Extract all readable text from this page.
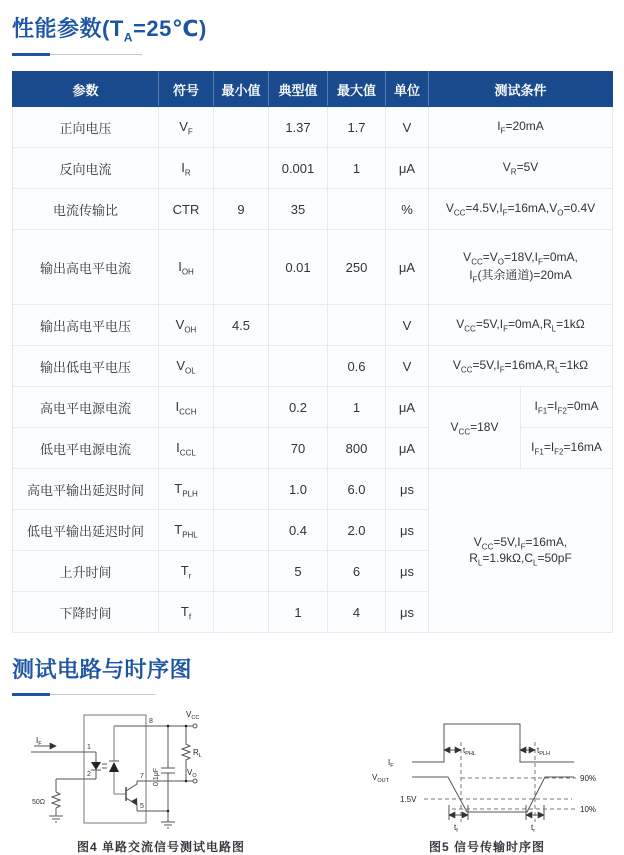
性能参数$(T_A=25℃)$
参数	符号	最小值	典型值	最大值	单位	测试条件	
正向电压	$V_F$		1.37	1.7	V	$I_F=20mA$	
反向电流	$I_R$		0.001	1	μA	$V_R=5V$	
电流传输比	CTR	9	35		%	$V_{CC}=4.5V,I_F=16mA,V_O=0.4V$	
输出高电平电流	$I_{OH}$		0.01	250	μA	$V_{CC}=V_O=18V,I_F=0mA$,
$I_F$(其余通道)=20mA	
输出高电平电压	$V_{OH}$	4.5			V	$V_{CC}=5V,I_F=0mA,R_L=1k\Omega$	
输出低电平电压	$V_{OL}$			0.6	V	$V_{CC}=5V,I_F=16mA,R_L=1k\Omega$	
高电平电源电流	$I_{CCH}$		0.2	1	μA	$V_{CC}=18V$	$I_{F1}=I_{F2}=0mA$
低电平电源电流	$I_{CCL}$		70	800	μA		$I_{F1}=I_{F2}=16mA$
高电平输出延迟时间	$T_{PLH}$		1.0	6.0	μs	$V_{CC}=5V,I_F=16mA$,
$R_L=1.9k\Omega,C_L=50pF$	
低电平输出延迟时间	$T_{PHL}$		0.4	2.0	μs		
上升时间	$T_r$		5	6	μs		
下降时间	$T_f$		1	4	μs		
测试电路与时序图
$I_F$	1
2
50Ω
8
$V_{CC}$
7	$V_O$
5
0.1μF
$R_L$
图4 单路交流信号测试电路图
$I_F$
$V_{OUT}$
$t_{PHL}$	$t_{PLH}$
90%
1.5V
10%
$t_f$	$t_r$
图5 信号传输时序图
